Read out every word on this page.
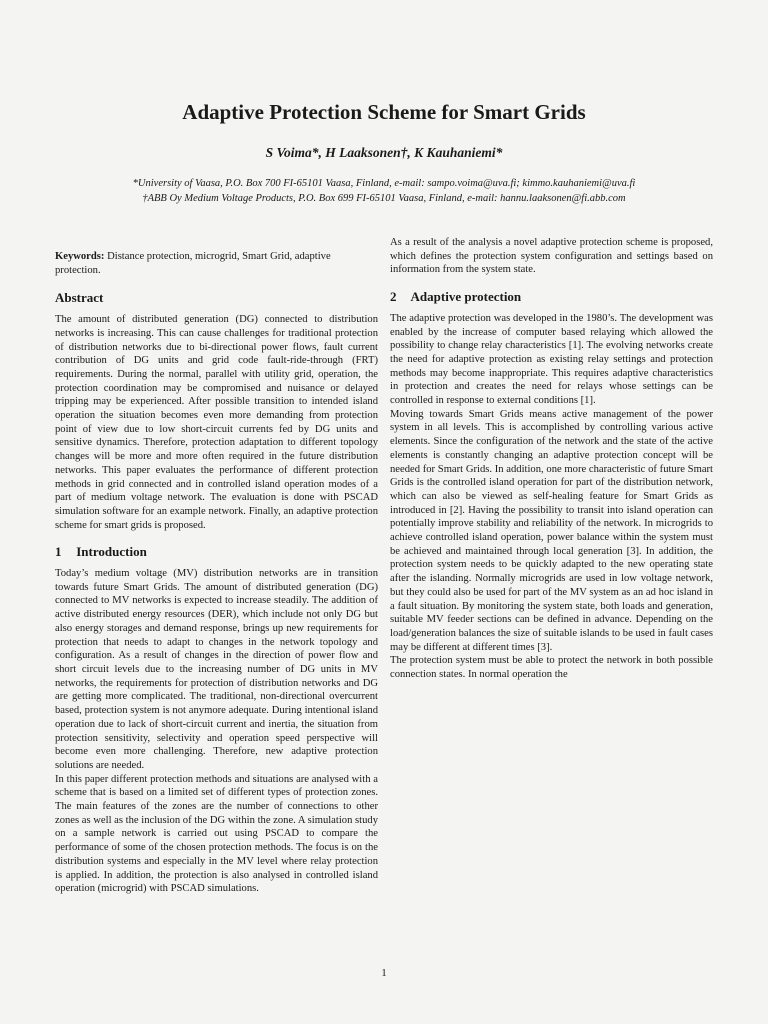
Adaptive Protection Scheme for Smart Grids
S Voima*, H Laaksonen†, K Kauhaniemi*
*University of Vaasa, P.O. Box 700 FI-65101 Vaasa, Finland, e-mail: sampo.voima@uva.fi; kimmo.kauhaniemi@uva.fi
†ABB Oy Medium Voltage Products, P.O. Box 699 FI-65101 Vaasa, Finland, e-mail: hannu.laaksonen@fi.abb.com

Keywords: Distance protection, microgrid, Smart Grid, adaptive protection.

Abstract

The amount of distributed generation (DG) connected to distribution networks is increasing. This can cause challenges for traditional protection of distribution networks due to bi-directional power flows, fault current contribution of DG units and grid code fault-ride-through (FRT) requirements. During the normal, parallel with utility grid, operation, the protection coordination may be compromised and nuisance or delayed tripping may be experienced. After possible transition to intended island operation the situation becomes even more demanding from protection point of view due to low short-circuit currents fed by DG units and sensitive dynamics. Therefore, protection adaptation to different topology changes will be more and more often required in the future distribution networks. This paper evaluates the performance of different protection methods in grid connected and in controlled island operation modes of a part of medium voltage network. The evaluation is done with PSCAD simulation software for an example network. Finally, an adaptive protection scheme for smart grids is proposed.

1 Introduction

Today’s medium voltage (MV) distribution networks are in transition towards future Smart Grids. The amount of distributed generation (DG) connected to MV networks is expected to increase steadily. The addition of active distributed energy resources (DER), which include not only DG but also energy storages and demand response, brings up new requirements for protection that needs to adapt to changes in the network topology and configuration. As a result of changes in the direction of power flow and short circuit levels due to the increasing number of DG units in MV networks, the requirements for protection of distribution networks and DG are getting more complicated. The traditional, non-directional overcurrent based, protection system is not anymore adequate. During intentional island operation due to lack of short-circuit current and inertia, the situation from protection sensitivity, selectivity and operation speed perspective will become even more challenging. Therefore, new adaptive protection solutions are needed.

In this paper different protection methods and situations are analysed with a scheme that is based on a limited set of different types of protection zones. The main features of the zones are the number of connections to other zones as well as the inclusion of the DG within the zone. A simulation study on a sample network is carried out using PSCAD to compare the performance of some of the chosen protection methods. The focus is on the distribution systems and especially in the MV level where relay protection is applied. In addition, the protection is also analysed in controlled island operation (microgrid) with PSCAD simulations.

As a result of the analysis a novel adaptive protection scheme is proposed, which defines the protection system configuration and settings based on information from the system state.

2 Adaptive protection

The adaptive protection was developed in the 1980’s. The development was enabled by the increase of computer based relaying which allowed the possibility to change relay characteristics [1]. The evolving networks create the need for adaptive protection as existing relay settings and protection methods may become inappropriate. This requires adaptive characteristics in protection and creates the need for relays whose settings can be controlled in response to external conditions [1].

Moving towards Smart Grids means active management of the power system in all levels. This is accomplished by controlling various active elements. Since the configuration of the network and the state of the active elements is constantly changing an adaptive protection concept will be needed for Smart Grids. In addition, one more characteristic of future Smart Grids is the controlled island operation for part of the distribution network, which can also be viewed as self-healing feature for Smart Grids as introduced in [2]. Having the possibility to transit into island operation can potentially improve stability and reliability of the network. In microgrids to achieve controlled island operation, power balance within the system must be achieved and maintained through local generation [3]. In addition, the protection system needs to be quickly adapted to the new operating state after the islanding. Normally microgrids are used in low voltage network, but they could also be used for part of the MV system as an ad hoc island in a fault situation. By monitoring the system state, both loads and generation, suitable MV feeder sections can be defined in advance. Depending on the load/generation balances the size of suitable islands to be used in fault cases may be different at different times [3].

The protection system must be able to protect the network in both possible connection states. In normal operation the

1
